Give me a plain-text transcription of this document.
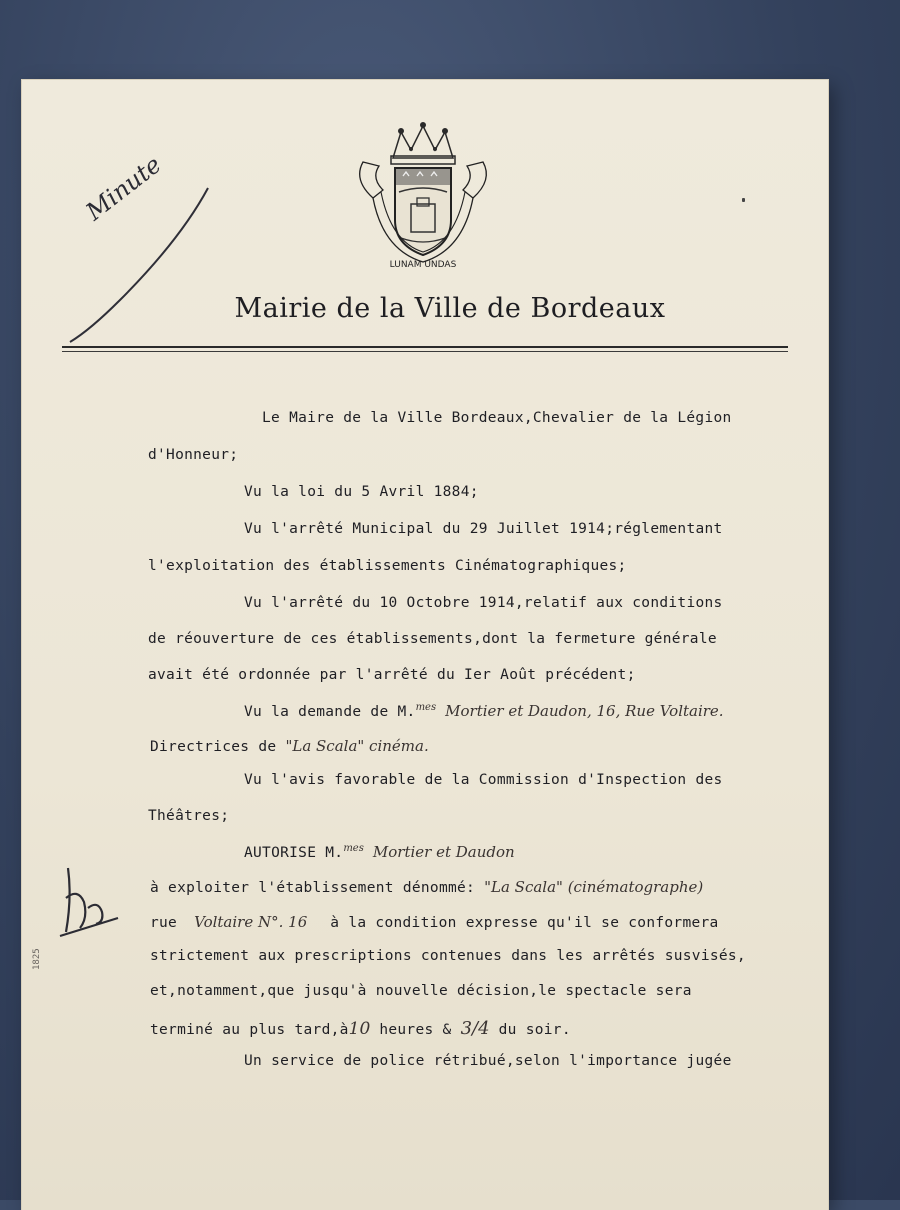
LUNAM UNDAS
LILIA SOLA REGVNT CASTELLO RES
Minute
Mairie de la Ville de Bordeaux
Le Maire de la Ville Bordeaux,Chevalier de la Légion
d'Honneur;
Vu la loi du 5 Avril 1884;
Vu l'arrêté Municipal du 29 Juillet 1914;réglementant
l'exploitation des établissements Cinématographiques;
Vu l'arrêté du 10 Octobre 1914,relatif aux conditions
de réouverture de ces établissements,dont la fermeture générale
avait été ordonnée par l'arrêté du Ier Août précédent;
Vu la demande de M.$^{mes}$ Mortier et Daudon, 16, Rue Voltaire.
Directrices de "La Scala" cinéma.
Vu l'avis favorable de la Commission d'Inspection des
Théâtres;
AUTORISE M.$^{mes}$ Mortier et Daudon
à exploiter l'établissement dénommé: "La Scala" (cinématographe)
rue Voltaire N°. 16 à la condition expresse qu'il se conformera
strictement aux prescriptions contenues dans les arrêtés susvisés,
et,notamment,que jusqu'à nouvelle décision,le spectacle sera
terminé au plus tard,à10 heures & 3/4 du soir.
Un service de police rétribué,selon l'importance jugée
1825
